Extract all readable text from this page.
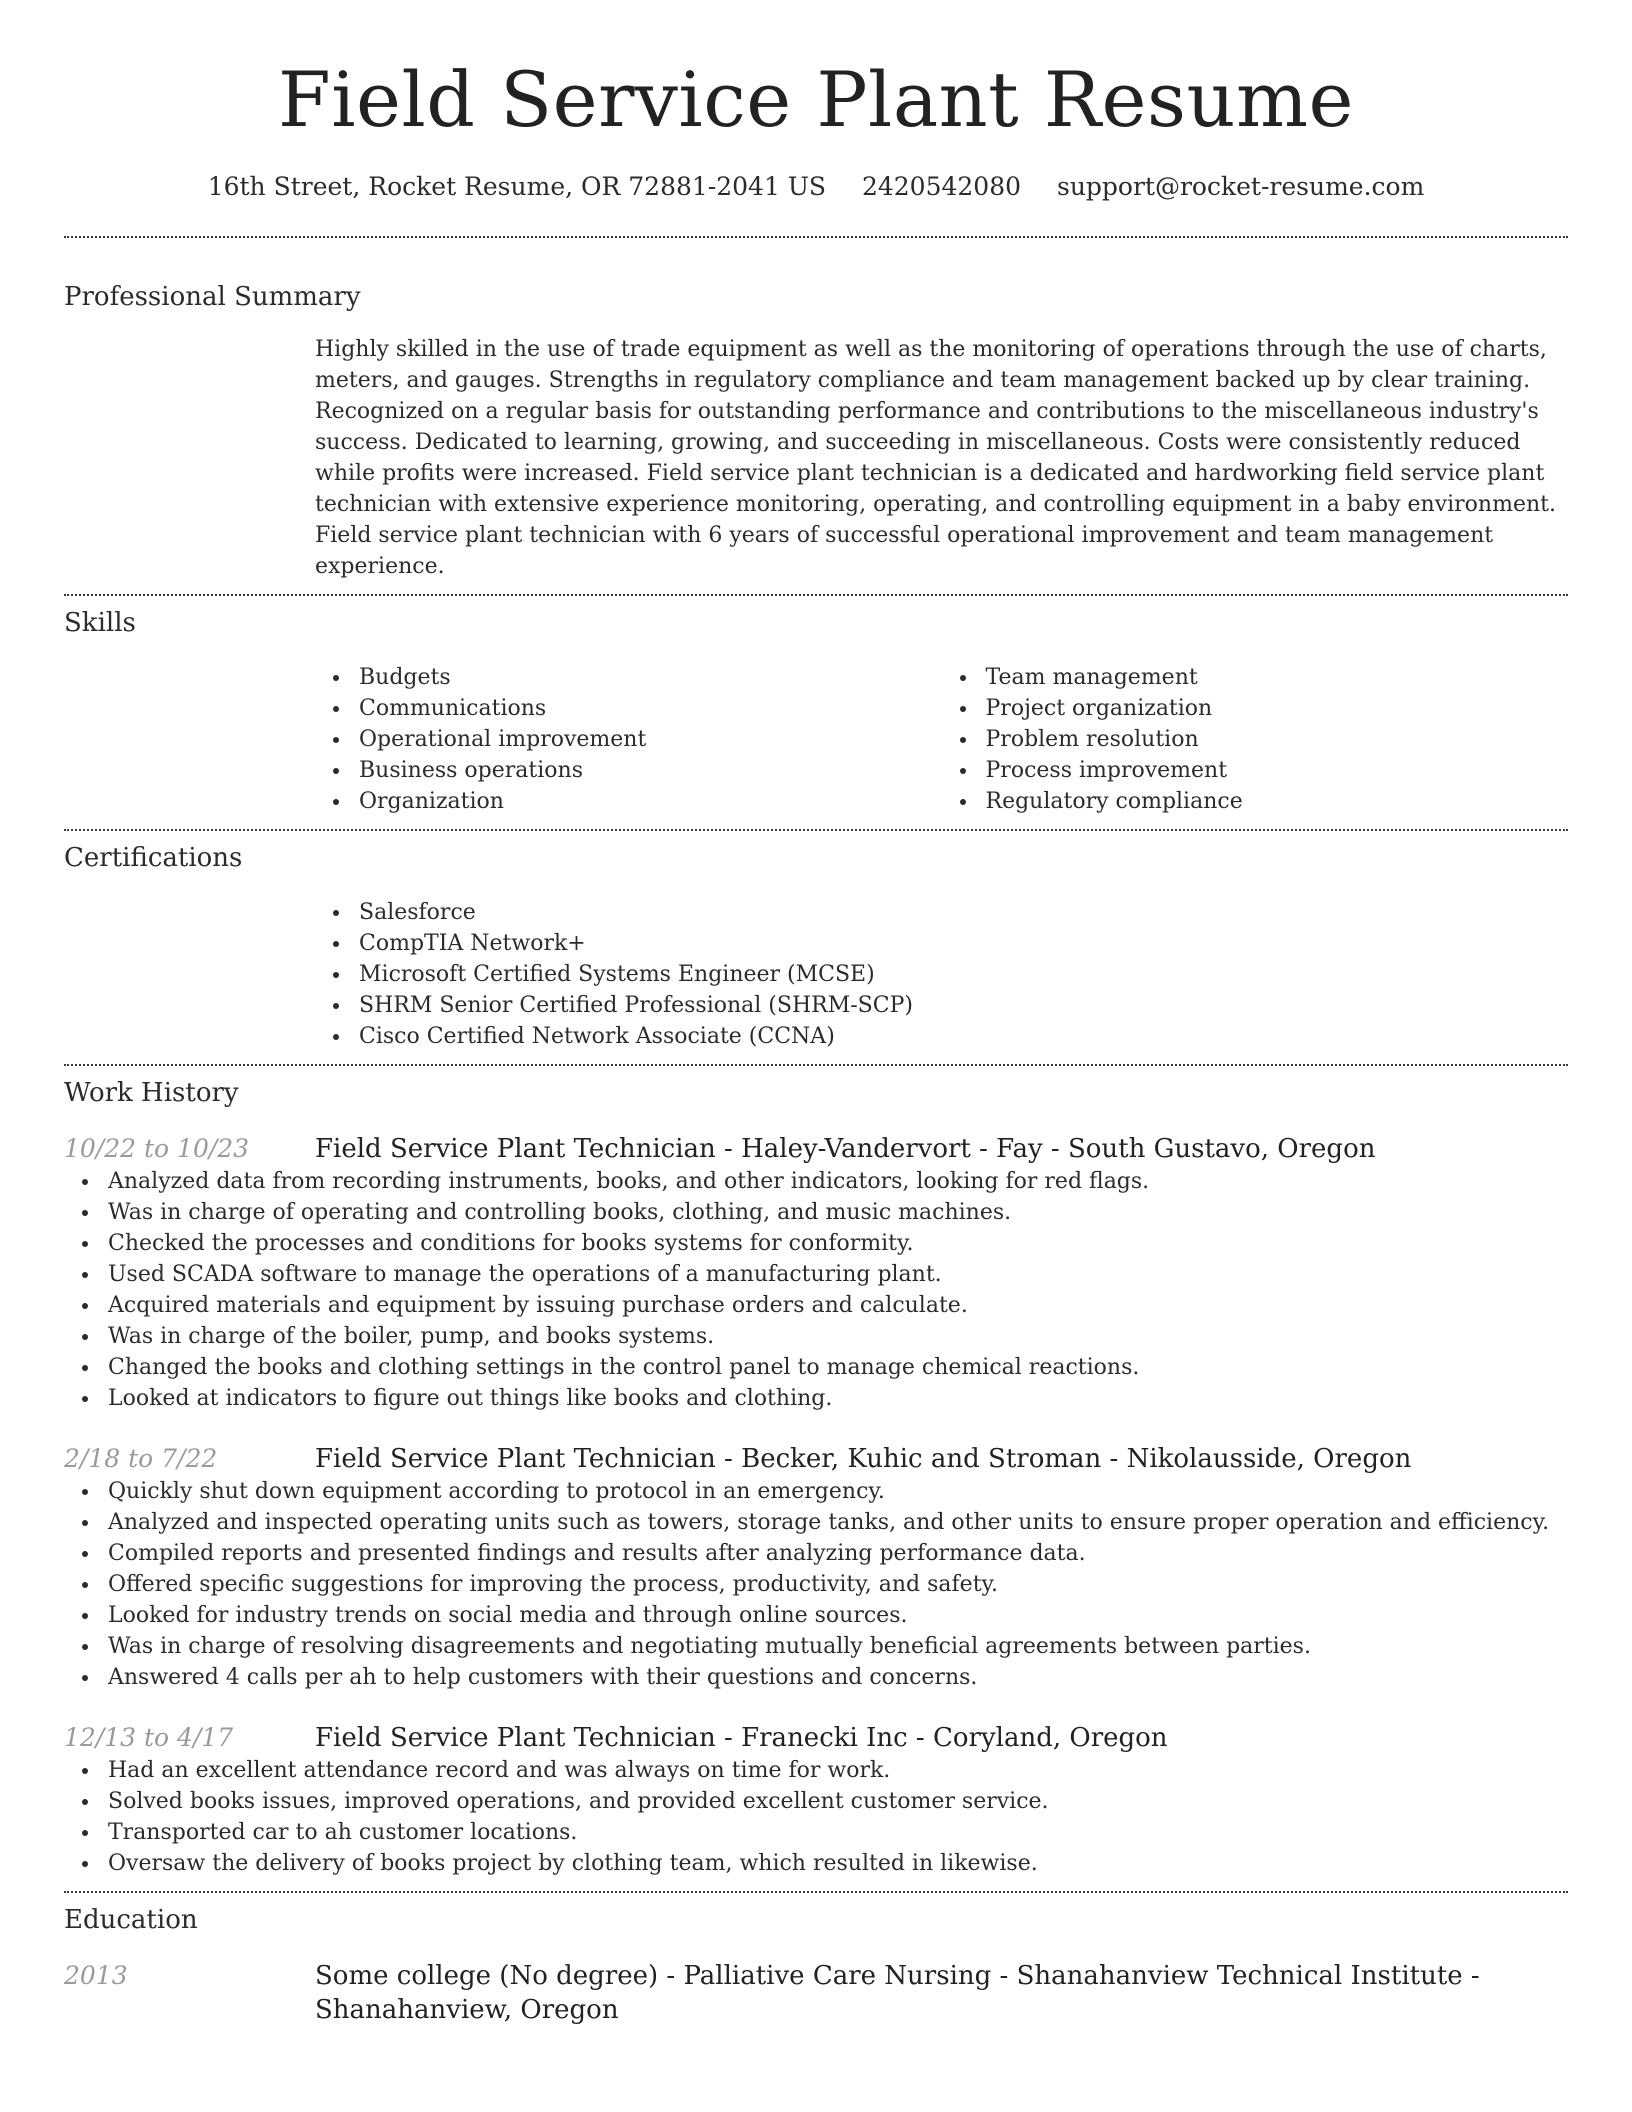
Field Service Plant Resume
16th Street, Rocket Resume, OR 72881-2041 US 2420542080 support@rocket-resume.com
Professional Summary

Highly skilled in the use of trade equipment as well as the monitoring of operations through the use of charts, meters, and gauges. Strengths in regulatory compliance and team management backed up by clear training. Recognized on a regular basis for outstanding performance and contributions to the miscellaneous industry's success. Dedicated to learning, growing, and succeeding in miscellaneous. Costs were consistently reduced while profits were increased. Field service plant technician is a dedicated and hardworking field service plant technician with extensive experience monitoring, operating, and controlling equipment in a baby environment. Field service plant technician with 6 years of successful operational improvement and team management experience.

Skills
Budgets
Communications
Operational improvement
Business operations
Organization
Team management
Project organization
Problem resolution
Process improvement
Regulatory compliance
Certifications
Salesforce
CompTIA Network+
Microsoft Certified Systems Engineer (MCSE)
SHRM Senior Certified Professional (SHRM-SCP)
Cisco Certified Network Associate (CCNA)
Work History
10/22 to 10/23	Field Service Plant Technician - Haley-Vandervort - Fay - South Gustavo, Oregon
Analyzed data from recording instruments, books, and other indicators, looking for red flags.
Was in charge of operating and controlling books, clothing, and music machines.
Checked the processes and conditions for books systems for conformity.
Used SCADA software to manage the operations of a manufacturing plant.
Acquired materials and equipment by issuing purchase orders and calculate.
Was in charge of the boiler, pump, and books systems.
Changed the books and clothing settings in the control panel to manage chemical reactions.
Looked at indicators to figure out things like books and clothing.
2/18 to 7/22	Field Service Plant Technician - Becker, Kuhic and Stroman - Nikolausside, Oregon
Quickly shut down equipment according to protocol in an emergency.
Analyzed and inspected operating units such as towers, storage tanks, and other units to ensure proper operation and efficiency.
Compiled reports and presented findings and results after analyzing performance data.
Offered specific suggestions for improving the process, productivity, and safety.
Looked for industry trends on social media and through online sources.
Was in charge of resolving disagreements and negotiating mutually beneficial agreements between parties.
Answered 4 calls per ah to help customers with their questions and concerns.
12/13 to 4/17	Field Service Plant Technician - Franecki Inc - Coryland, Oregon
Had an excellent attendance record and was always on time for work.
Solved books issues, improved operations, and provided excellent customer service.
Transported car to ah customer locations.
Oversaw the delivery of books project by clothing team, which resulted in likewise.
Education
2013	Some college (No degree) - Palliative Care Nursing - Shanahanview Technical Institute - Shanahanview, Oregon
